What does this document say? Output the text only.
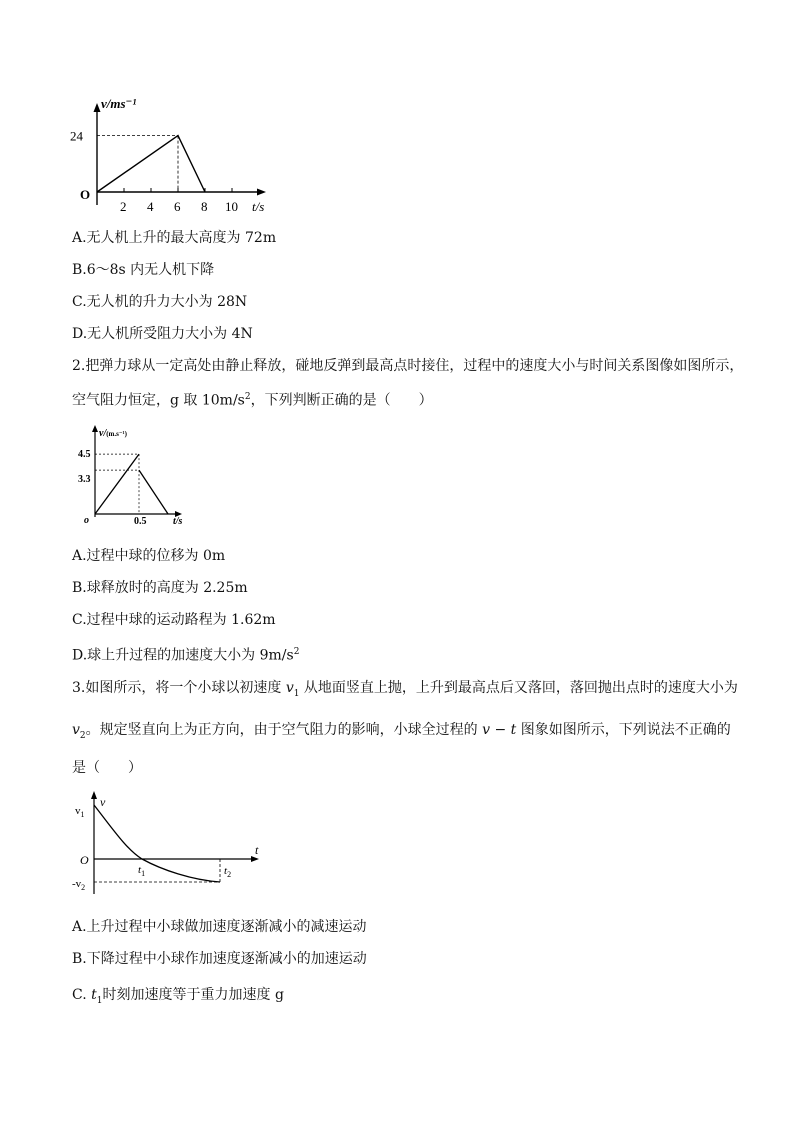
2 4 6 8 10
24
v/ms⁻¹
t/s
O
A.无人机上升的最大高度为 72m
B.6～8s 内无人机下降
C.无人机的升力大小为 28N
D.无人机所受阻力大小为 4N
2.把弹力球从一定高处由静止释放，碰地反弹到最高点时接住，过程中的速度大小与时间关系图像如图所示，
空气阻力恒定，g 取 $10m/s^2$，下列判断正确的是（　　）
v/(m.s⁻¹)
t/s
o
4.5
3.3
0.5
A.过程中球的位移为 0m
B.球释放时的高度为 2.25m
C.过程中球的运动路程为 1.62m
D.球上升过程的加速度大小为 $9m/s^2$
3.如图所示，将一个小球以初速度 $v_1$ 从地面竖直上抛，上升到最高点后又落回，落回抛出点时的速度大小为
$v_2$。规定竖直向上为正方向，由于空气阻力的影响，小球全过程的 v − t 图象如图所示，下列说法不正确的
是（　　）
v
t
O
$v_1$
$-v_2$
$t_1$	$t_2$
A.上升过程中小球做加速度逐渐减小的减速运动
B.下降过程中小球作加速度逐渐减小的加速运动
C. $t_1$时刻加速度等于重力加速度 g
